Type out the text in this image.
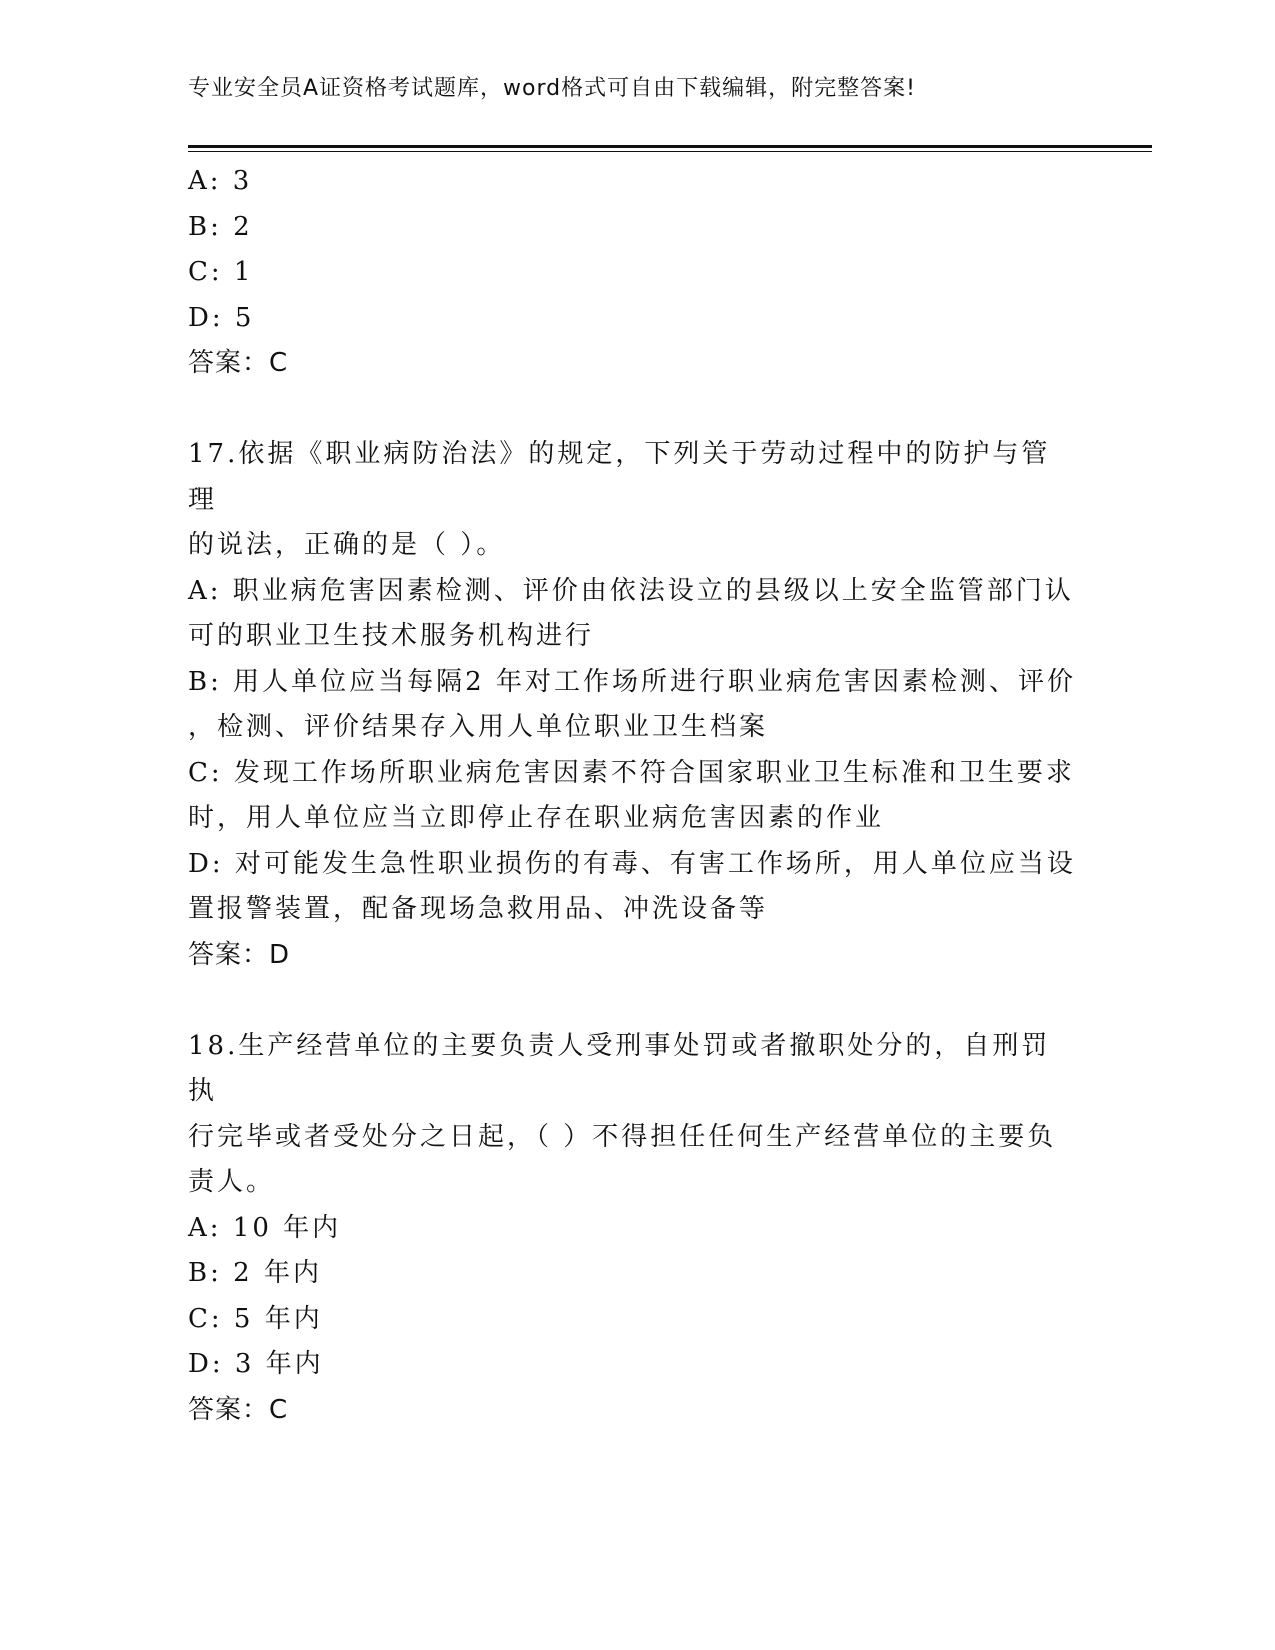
专业安全员A证资格考试题库，word格式可自由下载编辑，附完整答案!
A: 3
B: 2
C: 1
D: 5
答案：C
17.依据《职业病防治法》的规定，下列关于劳动过程中的防护与管理
的说法，正确的是（ ）。
A: 职业病危害因素检测、评价由依法设立的县级以上安全监管部门认
可的职业卫生技术服务机构进行
B: 用人单位应当每隔2 年对工作场所进行职业病危害因素检测、评价
，检测、评价结果存入用人单位职业卫生档案
C: 发现工作场所职业病危害因素不符合国家职业卫生标准和卫生要求
时，用人单位应当立即停止存在职业病危害因素的作业
D: 对可能发生急性职业损伤的有毒、有害工作场所，用人单位应当设
置报警装置，配备现场急救用品、冲洗设备等
答案：D
18.生产经营单位的主要负责人受刑事处罚或者撤职处分的，自刑罚执
行完毕或者受处分之日起，（ ）不得担任任何生产经营单位的主要负
责人。
A: 10 年内
B: 2 年内
C: 5 年内
D: 3 年内
答案：C
